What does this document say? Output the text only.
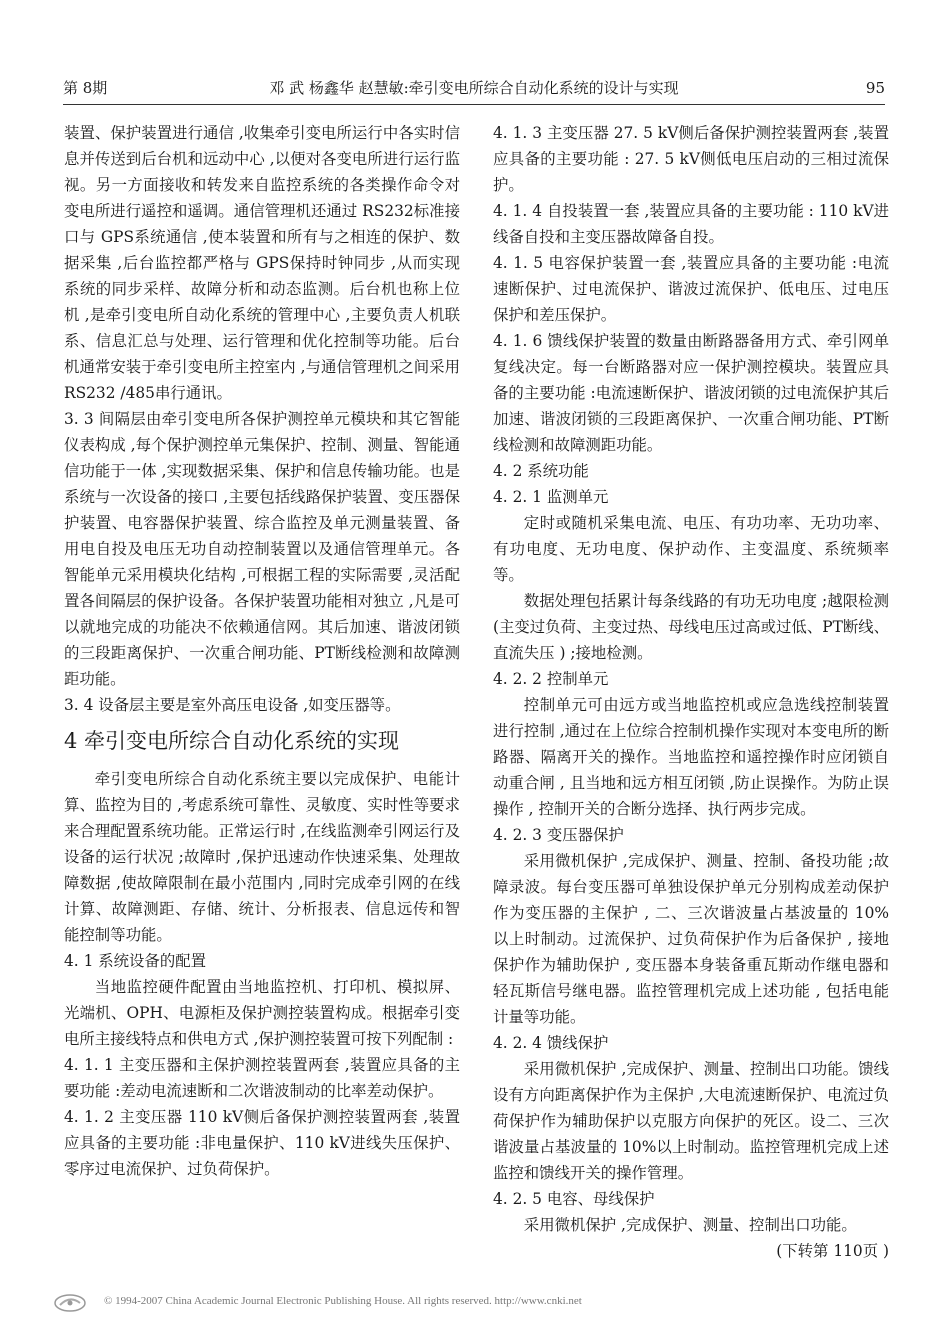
第 8期	邓 武 杨鑫华 赵慧敏:牵引变电所综合自动化系统的设计与实现	95

装置、保护装置进行通信 ,收集牵引变电所运行中各实时信息并传送到后台机和远动中心 ,以便对各变电所进行运行监视。另一方面接收和转发来自监控系统的各类操作命令对变电所进行遥控和遥调。通信管理机还通过 RS232标准接口与 GPS系统通信 ,使本装置和所有与之相连的保护、数据采集 ,后台监控都严格与 GPS保持时钟同步 ,从而实现系统的同步采样、故障分析和动态监测。后台机也称上位机 ,是牵引变电所自动化系统的管理中心 ,主要负责人机联系、信息汇总与处理、运行管理和优化控制等功能。后台机通常安装于牵引变电所主控室内 ,与通信管理机之间采用 RS232 /485串行通讯。

3. 3 间隔层由牵引变电所各保护测控单元模块和其它智能仪表构成 ,每个保护测控单元集保护、控制、测量、智能通信功能于一体 ,实现数据采集、保护和信息传输功能。也是系统与一次设备的接口 ,主要包括线路保护装置、变压器保护装置、电容器保护装置、综合监控及单元测量装置、备用电自投及电压无功自动控制装置以及通信管理单元。各智能单元采用模块化结构 ,可根据工程的实际需要 ,灵活配置各间隔层的保护设备。各保护装置功能相对独立 ,凡是可以就地完成的功能决不依赖通信网。其后加速、谐波闭锁的三段距离保护、一次重合闸功能、PT断线检测和故障测距功能。

3. 4 设备层主要是室外高压电设备 ,如变压器等。

4 牵引变电所综合自动化系统的实现

牵引变电所综合自动化系统主要以完成保护、电能计算、监控为目的 ,考虑系统可靠性、灵敏度、实时性等要求来合理配置系统功能。正常运行时 ,在线监测牵引网运行及设备的运行状况 ;故障时 ,保护迅速动作快速采集、处理故障数据 ,使故障限制在最小范围内 ,同时完成牵引网的在线计算、故障测距、存储、统计、分析报表、信息远传和智能控制等功能。

4. 1 系统设备的配置

当地监控硬件配置由当地监控机、打印机、模拟屏、光端机、OPH、电源柜及保护测控装置构成。根据牵引变电所主接线特点和供电方式 ,保护测控装置可按下列配制 :

4. 1. 1 主变压器和主保护测控装置两套 ,装置应具备的主要功能 :差动电流速断和二次谐波制动的比率差动保护。

4. 1. 2 主变压器 110 kV侧后备保护测控装置两套 ,装置应具备的主要功能 :非电量保护、110 kV进线失压保护、零序过电流保护、过负荷保护。

4. 1. 3 主变压器 27. 5 kV侧后备保护测控装置两套 ,装置应具备的主要功能 : 27. 5 kV侧低电压启动的三相过流保护。

4. 1. 4 自投装置一套 ,装置应具备的主要功能 : 110 kV进线备自投和主变压器故障备自投。

4. 1. 5 电容保护装置一套 ,装置应具备的主要功能 :电流速断保护、过电流保护、谐波过流保护、低电压、过电压保护和差压保护。

4. 1. 6 馈线保护装置的数量由断路器备用方式、牵引网单复线决定。每一台断路器对应一保护测控模块。装置应具备的主要功能 :电流速断保护、谐波闭锁的过电流保护其后加速、谐波闭锁的三段距离保护、一次重合闸功能、PT断线检测和故障测距功能。

4. 2 系统功能
4. 2. 1 监测单元

定时或随机采集电流、电压、有功功率、无功功率、有功电度、无功电度、保护动作、主变温度、系统频率等。

数据处理包括累计每条线路的有功无功电度 ;越限检测 (主变过负荷、主变过热、母线电压过高或过低、PT断线、直流失压 ) ;接地检测。

4. 2. 2 控制单元

控制单元可由远方或当地监控机或应急选线控制装置进行控制 ,通过在上位综合控制机操作实现对本变电所的断路器、隔离开关的操作。当地监控和遥控操作时应闭锁自动重合闸 , 且当地和远方相互闭锁 ,防止误操作。为防止误操作 , 控制开关的合断分选择、执行两步完成。

4. 2. 3 变压器保护

采用微机保护 ,完成保护、测量、控制、备投功能 ;故障录波。每台变压器可单独设保护单元分别构成差动保护作为变压器的主保护 , 二、三次谐波量占基波量的 10% 以上时制动。过流保护、过负荷保护作为后备保护 , 接地保护作为辅助保护 , 变压器本身装备重瓦斯动作继电器和轻瓦斯信号继电器。监控管理机完成上述功能 , 包括电能计量等功能。

4. 2. 4 馈线保护

采用微机保护 ,完成保护、测量、控制出口功能。馈线设有方向距离保护作为主保护 ,大电流速断保护、电流过负荷保护作为辅助保护以克服方向保护的死区。设二、三次谐波量占基波量的 10%以上时制动。监控管理机完成上述监控和馈线开关的操作管理。

4. 2. 5 电容、母线保护

采用微机保护 ,完成保护、测量、控制出口功能。

(下转第 110页 )

© 1994-2007 China Academic Journal Electronic Publishing House. All rights reserved. http://www.cnki.net
